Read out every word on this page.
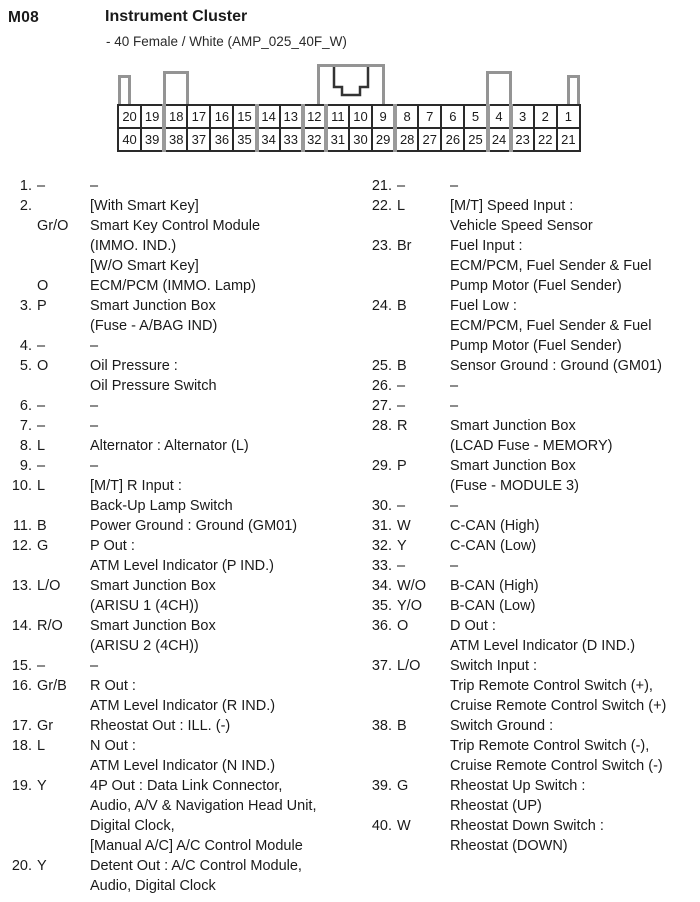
M08	Instrument Cluster
- 40 Female / White (AMP_025_40F_W)
20	19	18	17	16	15	14	13	12	11	10	9	8	7	6	5	4	3	2	1
40	39	38	37	36	35	34	33	32	31	30	29	28	27	26	25	24	23	22	21
1. –	–
2.	[With Smart Key]
Gr/O	Smart Key Control Module
(IMMO. IND.)
[W/O Smart Key]
O	ECM/PCM (IMMO. Lamp)
3. P	Smart Junction Box
(Fuse - A/BAG IND)
4. –	–
5. O	Oil Pressure :
Oil Pressure Switch
6. –	–
7. –	–
8. L	Alternator : Alternator (L)
9. –	–
10. L	[M/T] R Input :
Back-Up Lamp Switch
11. B	Power Ground : Ground (GM01)
12. G	P Out :
ATM Level Indicator (P IND.)
13. L/O	Smart Junction Box
(ARISU 1 (4CH))
14. R/O	Smart Junction Box
(ARISU 2 (4CH))
15. –	–
16. Gr/B	R Out :
ATM Level Indicator (R IND.)
17. Gr	Rheostat Out : ILL. (-)
18. L	N Out :
ATM Level Indicator (N IND.)
19. Y	4P Out : Data Link Connector,
Audio, A/V & Navigation Head Unit,
Digital Clock,
[Manual A/C] A/C Control Module
20. Y	Detent Out : A/C Control Module,
Audio, Digital Clock
21. –	–
22. L	[M/T] Speed Input :
Vehicle Speed Sensor
23. Br	Fuel Input :
ECM/PCM, Fuel Sender & Fuel
Pump Motor (Fuel Sender)
24. B	Fuel Low :
ECM/PCM, Fuel Sender & Fuel
Pump Motor (Fuel Sender)
25. B	Sensor Ground : Ground (GM01)
26. –	–
27. –	–
28. R	Smart Junction Box
(LCAD Fuse - MEMORY)
29. P	Smart Junction Box
(Fuse - MODULE 3)
30. –	–
31. W	C-CAN (High)
32. Y	C-CAN (Low)
33. –	–
34. W/O	B-CAN (High)
35. Y/O	B-CAN (Low)
36. O	D Out :
ATM Level Indicator (D IND.)
37. L/O	Switch Input :
Trip Remote Control Switch (+),
Cruise Remote Control Switch (+)
38. B	Switch Ground :
Trip Remote Control Switch (-),
Cruise Remote Control Switch (-)
39. G	Rheostat Up Switch :
Rheostat (UP)
40. W	Rheostat Down Switch :
Rheostat (DOWN)
